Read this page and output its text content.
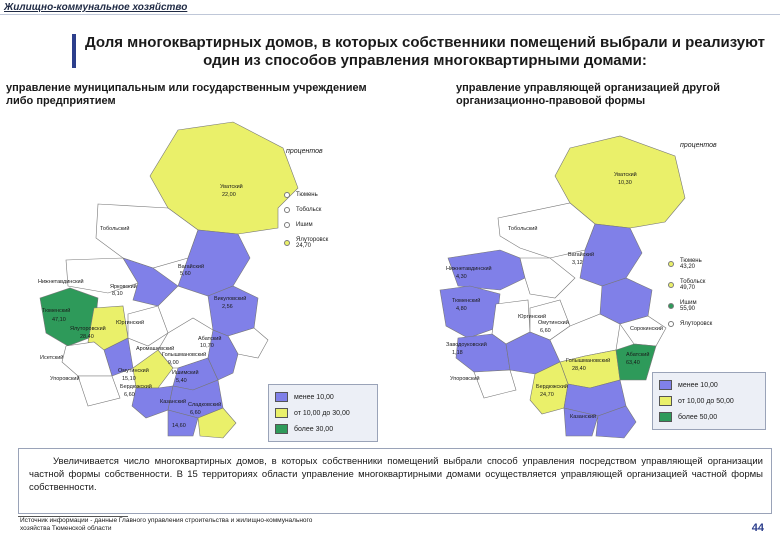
Жилищно-коммунальное хозяйство
Доля многоквартирных домов, в которых собственники помещений выбрали и реализуют один из способов управления многоквартирными домами:
управление муниципальным или государственным учреждением либо предприятием
процентов
Уватский
22,00
Тобольский
Вагайский
5,60
Нижнетавдинский
Ярковский
8,10
Тюменский
47,10
Ялуторовский
28,40
Юргинский
Исетский
Упоровский
Омутинский
15,10
Аромашевский
Викуловский
2,56
Абатский
10,70
Голышмановский
9,00
Бердюжский
6,60
Ишимский
5,40
Казанский Сладковский
6,60
14,60
Тюмень
Тобольск
Ишим
Ялуторовск
24,70
менее 10,00
от 10,00 до 30,00
более 30,00
управление управляющей организацией другой организационно-правовой формы
процентов
Уватский
10,30
Тобольский
Вагайский
3,12
Нижнетавдинский
4,30
Тюменский
4,80
Юргинский
Заводоуковский
1,18
Упоровский
Омутинский
6,60
Голышмановский
28,40
Абатский
63,40
Бердюжский
24,70
Сорокинский
Казанский
Тюмень
43,20
Тобольск
49,70
Ишим
55,90
Ялуторовск
менее 10,00
от 10,00 до 50,00
более 50,00

Увеличивается число многоквартирных домов, в которых собственники помещений выбрали способ управления посредством управляющей организации частной формы собственности. В 15 территориях области управление многоквартирными домами осуществляется управляющей организацией частной формы собственности.

Источник информации - данные Главного управления строительства и жилищно-коммунального хозяйства Тюменской области	44
